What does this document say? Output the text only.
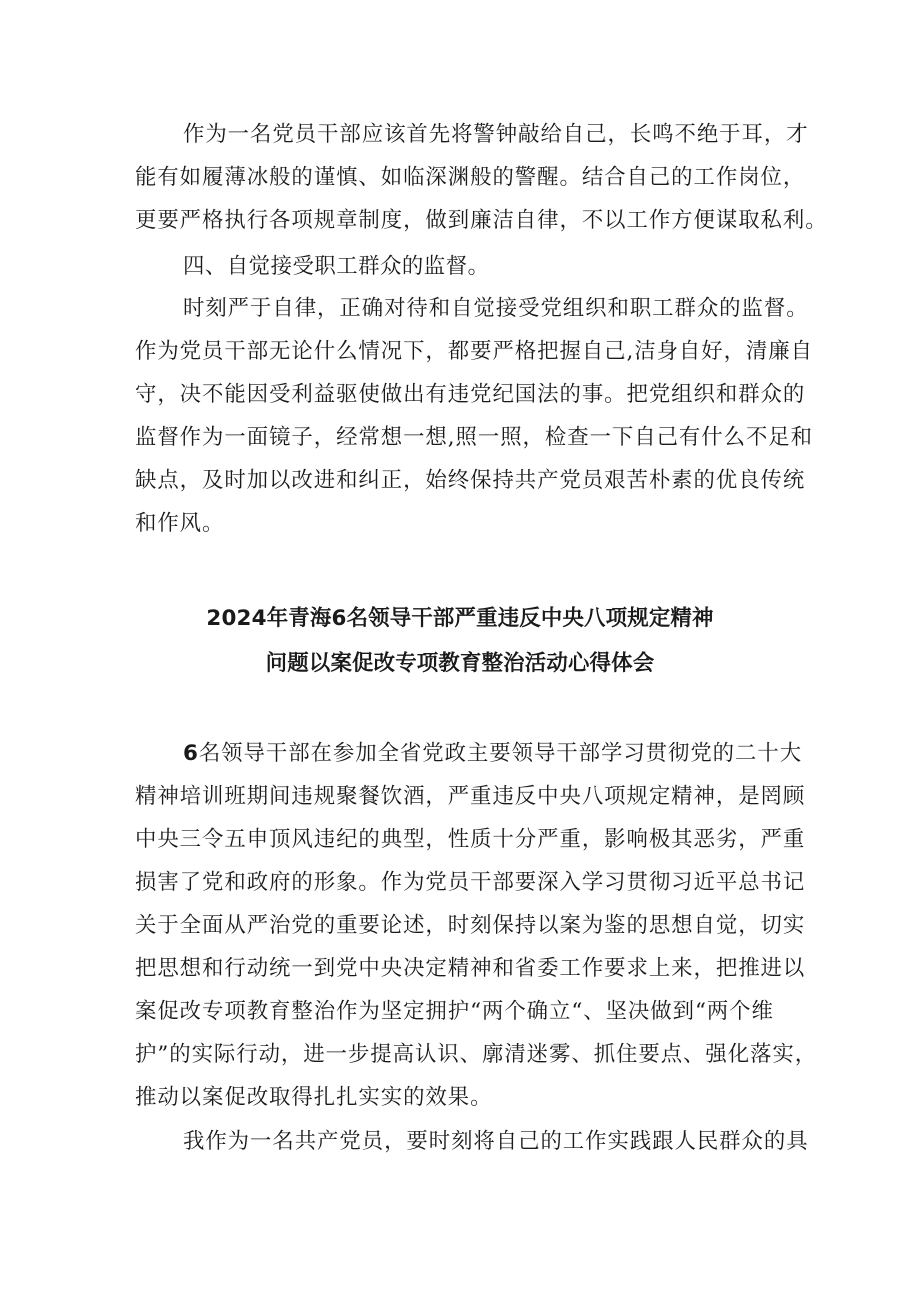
作为一名党员干部应该首先将警钟敲给自己，长鸣不绝于耳，才
能有如履薄冰般的谨慎、如临深渊般的警醒。结合自己的工作岗位，
更要严格执行各项规章制度，做到廉洁自律，不以工作方便谋取私利。
四、自觉接受职工群众的监督。
时刻严于自律，正确对待和自觉接受党组织和职工群众的监督。
作为党员干部无论什么情况下，都要严格把握自己,洁身自好，清廉自
守，决不能因受利益驱使做出有违党纪国法的事。把党组织和群众的
监督作为一面镜子，经常想一想,照一照，检查一下自己有什么不足和
缺点，及时加以改进和纠正，始终保持共产党员艰苦朴素的优良传统
和作风。
2024年青海6名领导干部严重违反中央八项规定精神
问题以案促改专项教育整治活动心得体会
6名领导干部在参加全省党政主要领导干部学习贯彻党的二十大
精神培训班期间违规聚餐饮酒，严重违反中央八项规定精神，是罔顾
中央三令五申顶风违纪的典型，性质十分严重，影响极其恶劣，严重
损害了党和政府的形象。作为党员干部要深入学习贯彻习近平总书记
关于全面从严治党的重要论述，时刻保持以案为鉴的思想自觉，切实
把思想和行动统一到党中央决定精神和省委工作要求上来，把推进以
案促改专项教育整治作为坚定拥护“两个确立“、坚决做到“两个维
护”的实际行动，进一步提高认识、廓清迷雾、抓住要点、强化落实，
推动以案促改取得扎扎实实的效果。
我作为一名共产党员，要时刻将自己的工作实践跟人民群众的具
